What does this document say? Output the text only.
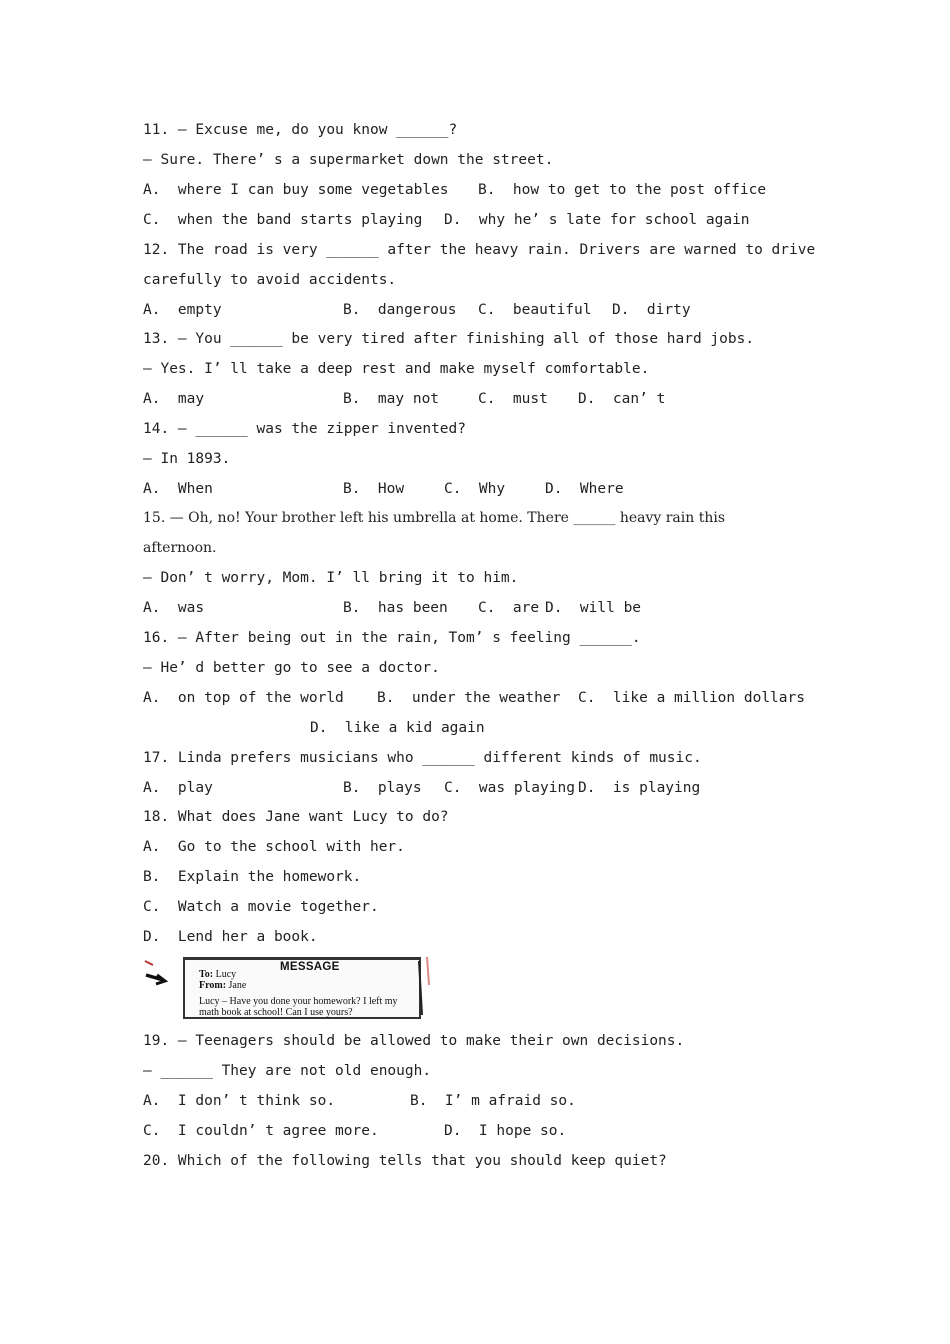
11. — Excuse me, do you know ______?

— Sure. There’ s a supermarket down the street.

A.  where I can buy some vegetables B.  how to get to the post office

C.  when the band starts playing D.  why he’ s late for school again

12. The road is very ______ after the heavy rain. Drivers are warned to drive

carefully to avoid accidents.

A.  empty	B.  dangerous C.  beautiful D.  dirty

13. — You ______ be very tired after finishing all of those hard jobs.

— Yes. I’ ll take a deep rest and make myself comfortable.

A.  may	B.  may not	C.  must D.  can’ t

14. — ______ was the zipper invented?

— In 1893.

A.  When	B.  How	C.  Why	D.  Where

15. — Oh, no! Your brother left his umbrella at home. There ______ heavy rain this

afternoon.

— Don’ t worry, Mom. I’ ll bring it to him.

A.  was	B.  has been C.  are D.  will be

16. — After being out in the rain, Tom’ s feeling ______.

— He’ d better go to see a doctor.

A.  on top of the world B.  under the weather C.  like a million dollars

D.  like a kid again

17. Linda prefers musicians who ______ different kinds of music.

A.  play	B.  plays C.  was playing D.  is playing

18. What does Jane want Lucy to do?

A.  Go to the school with her.

B.  Explain the homework.

C.  Watch a movie together.

D.  Lend her a book.

MESSAGE
To: Lucy
From: Jane
Lucy – Have you done your homework? I left my
math book at school! Can I use yours?

19. — Teenagers should be allowed to make their own decisions.

— ______ They are not old enough.

A.  I don’ t think so.	B.  I’ m afraid so.

C.  I couldn’ t agree more.	D.  I hope so.

20. Which of the following tells that you should keep quiet?
